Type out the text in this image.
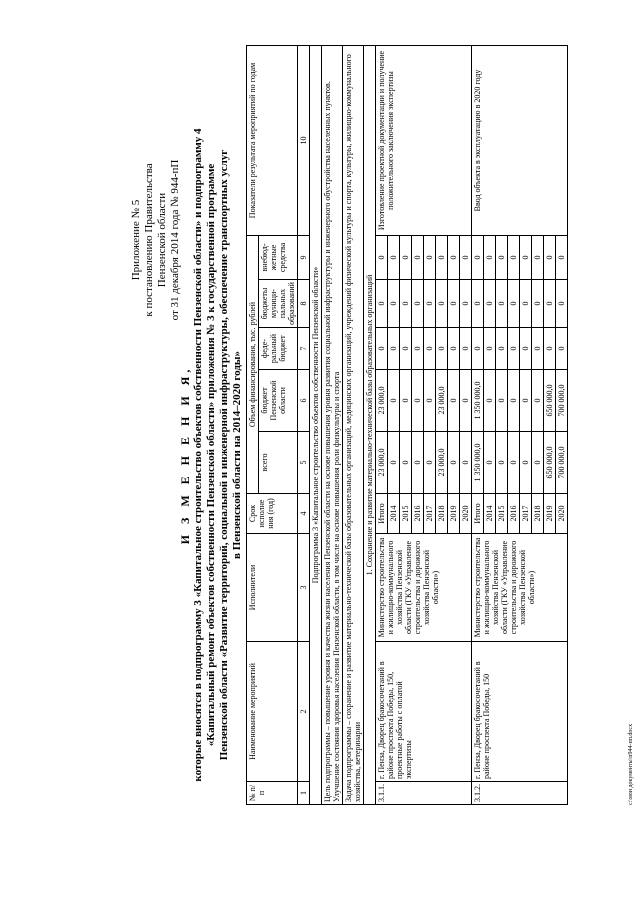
Приложение № 5 к постановлению Правительства Пензенской области от 31 декабря 2014 года № 944-пП
И З М Е Н Е Н И Я, которые вносятся в подпрограмму 3 «Капитальное строительство объектов собственности Пензенской области» и подпрограмму 4 «Капитальный ремонт объектов собственности Пензенской области» приложения № 3 к государственной программе Пензенской области «Развитие территорий, социальной и инженерной инфраструктуры, обеспечение транспортных услуг в Пензенской области на 2014–2020 годы»
№ п/п	Наименование мероприятий	Исполнители	Срок исполне ния (год)	Объем финансирования, тыс. рублей					Показатели результата мероприятий по годам
				всего	бюджет Пензенской области	феде- ральный бюджет	бюджеты муници- пальных образований	внебюд- жетные средства	
1	2	3	4	5	6	7	8	9	10
Подпрограмма 3 «Капитальное строительство объектов собственности Пензенской области»									
Цель подпрограммы – повышение уровня и качества жизни населения Пензенской области на основе повышения уровня развития социальной инфраструктуры и инженерного обустройства населенных пунктов. Улучшение состояния здоровья населения Пензенской области, в том числе на основе повышения роли физкультуры и спорта									
Задача подпрограммы – сохранение и развитие материально-технической базы образовательных организаций, медицинских организаций, учреждений физической культуры и спорта, культуры, жилищно-коммунального хозяйства, ветеринарии									
1. Сохранение и развитие материально-технической базы образовательных организаций									
3.1.1.	г. Пенза, Дворец бракосочетаний в районе проспекта Победы, 150, проектные работы с оплатой экспертизы	Министерство строительства и жилищно-коммунального хозяйства Пензенской области (ГКУ «Управление строительства и дорожного хозяйства Пензенской области»)	Итого	23 000,0	23 000,0	0	0	0	Изготовление проектной документации и получение положительного заключения экспертизы
			2014	0	0	0	0	0	
			2015	0	0	0	0	0	
			2016	0	0	0	0	0	
			2017	0	0	0	0	0	
			2018	23 000,0	23 000,0	0	0	0	
			2019	0	0	0	0	0	
			2020	0	0	0	0	0	
3.1.2.	г. Пенза, Дворец бракосочетаний в районе проспекта Победы, 150	Министерство строительства и жилищно-коммунального хозяйства Пензенской области (ГКУ «Управление строительства и дорожного хозяйства Пензенской области»)	Итого	1 350 000,0	1 350 000,0	0	0	0	Ввод объекта в эксплуатацию в 2020 году
			2014	0	0	0	0	0	
			2015	0	0	0	0	0	
			2016	0	0	0	0	0	
			2017	0	0	0	0	0	
			2018	0	0	0	0	0	
			2019	650 000,0	650 000,0	0	0	0	
			2020	700 000,0	700 000,0	0	0	0	
с:\мои документы\п944-пп.docx
